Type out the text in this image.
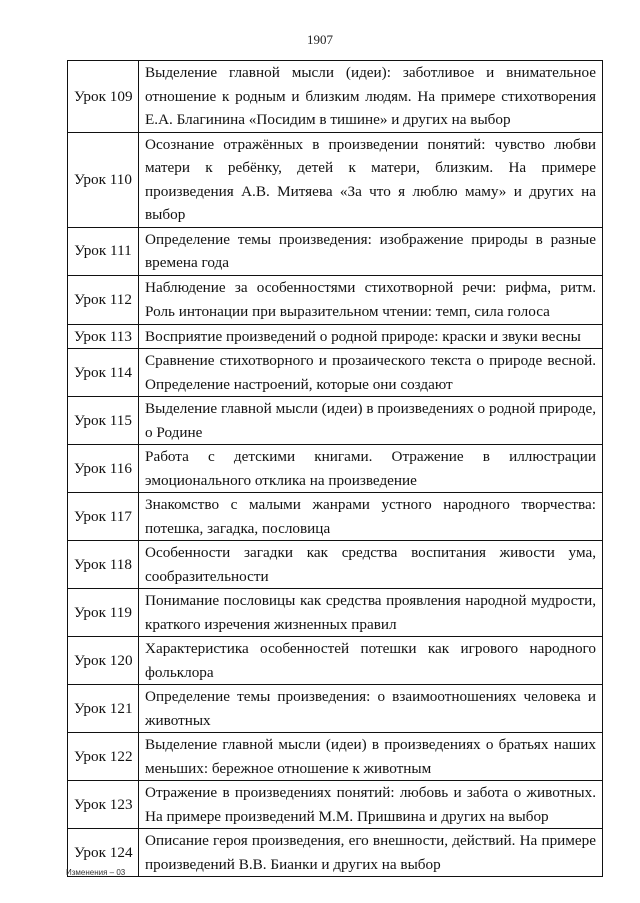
1907
Урок 109	Выделение главной мысли (идеи): заботливое и внимательное отношение к родным и близким людям. На примере стихотворения Е.А. Благинина «Посидим в тишине» и других на выбор
Урок 110	Осознание отражённых в произведении понятий: чувство любви матери к ребёнку, детей к матери, близким. На примере произведения А.В. Митяева «За что я люблю маму» и других на выбор
Урок 111	Определение темы произведения: изображение природы в разные времена года
Урок 112	Наблюдение за особенностями стихотворной речи: рифма, ритм. Роль интонации при выразительном чтении: темп, сила голоса
Урок 113	Восприятие произведений о родной природе: краски и звуки весны
Урок 114	Сравнение стихотворного и прозаического текста о природе весной. Определение настроений, которые они создают
Урок 115	Выделение главной мысли (идеи) в произведениях о родной природе, о Родине
Урок 116	Работа с детскими книгами. Отражение в иллюстрации эмоционального отклика на произведение
Урок 117	Знакомство с малыми жанрами устного народного творчества: потешка, загадка, пословица
Урок 118	Особенности загадки как средства воспитания живости ума, сообразительности
Урок 119	Понимание пословицы как средства проявления народной мудрости, краткого изречения жизненных правил
Урок 120	Характеристика особенностей потешки как игрового народного фольклора
Урок 121	Определение темы произведения: о взаимоотношениях человека и животных
Урок 122	Выделение главной мысли (идеи) в произведениях о братьях наших меньших: бережное отношение к животным
Урок 123	Отражение в произведениях понятий: любовь и забота о животных. На примере произведений М.М. Пришвина и других на выбор
Урок 124	Описание героя произведения, его внешности, действий. На примере произведений В.В. Бианки и других на выбор
Изменения – 03
